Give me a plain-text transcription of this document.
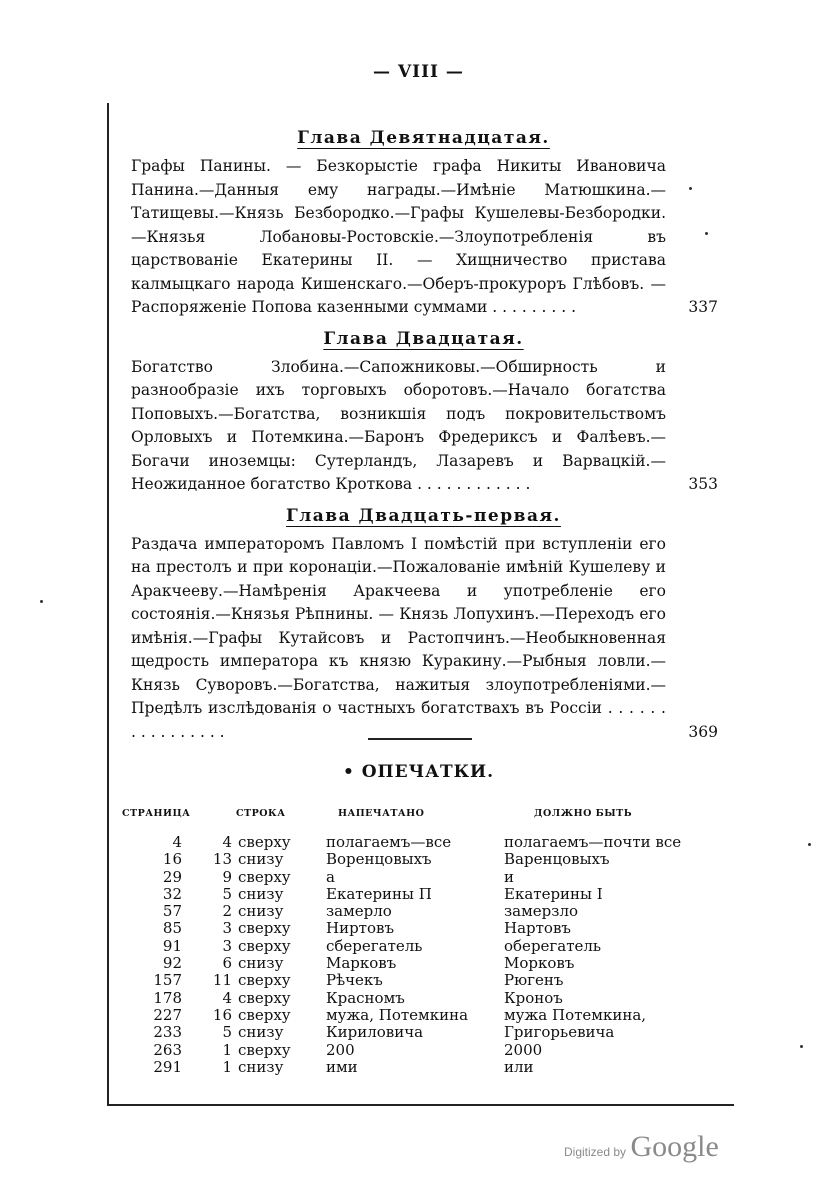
— VIII —
Глава Девятнадцатая.
Графы Панины. — Безкорыстіе графа Никиты Ивановича Панина.—Данныя ему награды.—Имѣніе Матюшкина.—Татищевы.—Князь Безбородко.—Графы Кушелевы-Безбородки.—Князья Лобановы-Ростовскіе.—Злоупотребленія въ царствованіе Екатерины II. — Хищничество пристава калмыцкаго народа Кишенскаго.—Оберъ-прокуроръ Глѣбовъ. — Распоряженіе Попова казенными суммами . . . . . . . . .	337
Глава Двадцатая.
Богатство Злобина.—Сапожниковы.—Обширность и разнообразіе ихъ торговыхъ оборотовъ.—Начало богатства Поповыхъ.—Богатства, возникшія подъ покровительствомъ Орловыхъ и Потемкина.—Баронъ Фредериксъ и Фалѣевъ.—Богачи иноземцы: Сутерландъ, Лазаревъ и Варвацкій.—Неожиданное богатство Кроткова . . . . . . . . . . . .	353
Глава Двадцать-первая.
Раздача императоромъ Павломъ I помѣстій при вступленіи его на престолъ и при коронаціи.—Пожалованіе имѣній Кушелеву и Аракчееву.—Намѣренія Аракчеева и употребленіе его состоянія.—Князья Рѣпнины. — Князь Лопухинъ.—Переходъ его имѣнія.—Графы Кутайсовъ и Растопчинъ.—Необыкновенная щедрость императора къ князю Куракину.—Рыбныя ловли.—Князь Суворовъ.—Богатства, нажитыя злоупотребленіями.—Предѣлъ изслѣдованія о частныхъ богатствахъ въ Россіи . . . . . . . . . . . . . . . .	369
• ОПЕЧАТКИ.
СТРАНИЦА	СТРОКА		НАПЕЧАТАНО	ДОЛЖНО БЫТЬ
4	4	сверху	полагаемъ—все	полагаемъ—почти все
16	13	снизу	Воренцовыхъ	Варенцовыхъ
29	9	сверху	а	и
32	5	снизу	Екатерины П	Екатерины I
57	2	снизу	замерло	замерзло
85	3	сверху	Ниртовъ	Нартовъ
91	3	сверху	сберегатель	оберегатель
92	6	снизу	Марковъ	Морковъ
157	11	сверху	Рѣчекъ	Рюгенъ
178	4	сверху	Красномъ	Кроноъ
227	16	сверху	мужа, Потемкина	мужа Потемкина,
233	5	снизу	Кириловича	Григорьевича
263	1	сверху	200	2000
291	1	снизу	ими	или
Digitized by Google
